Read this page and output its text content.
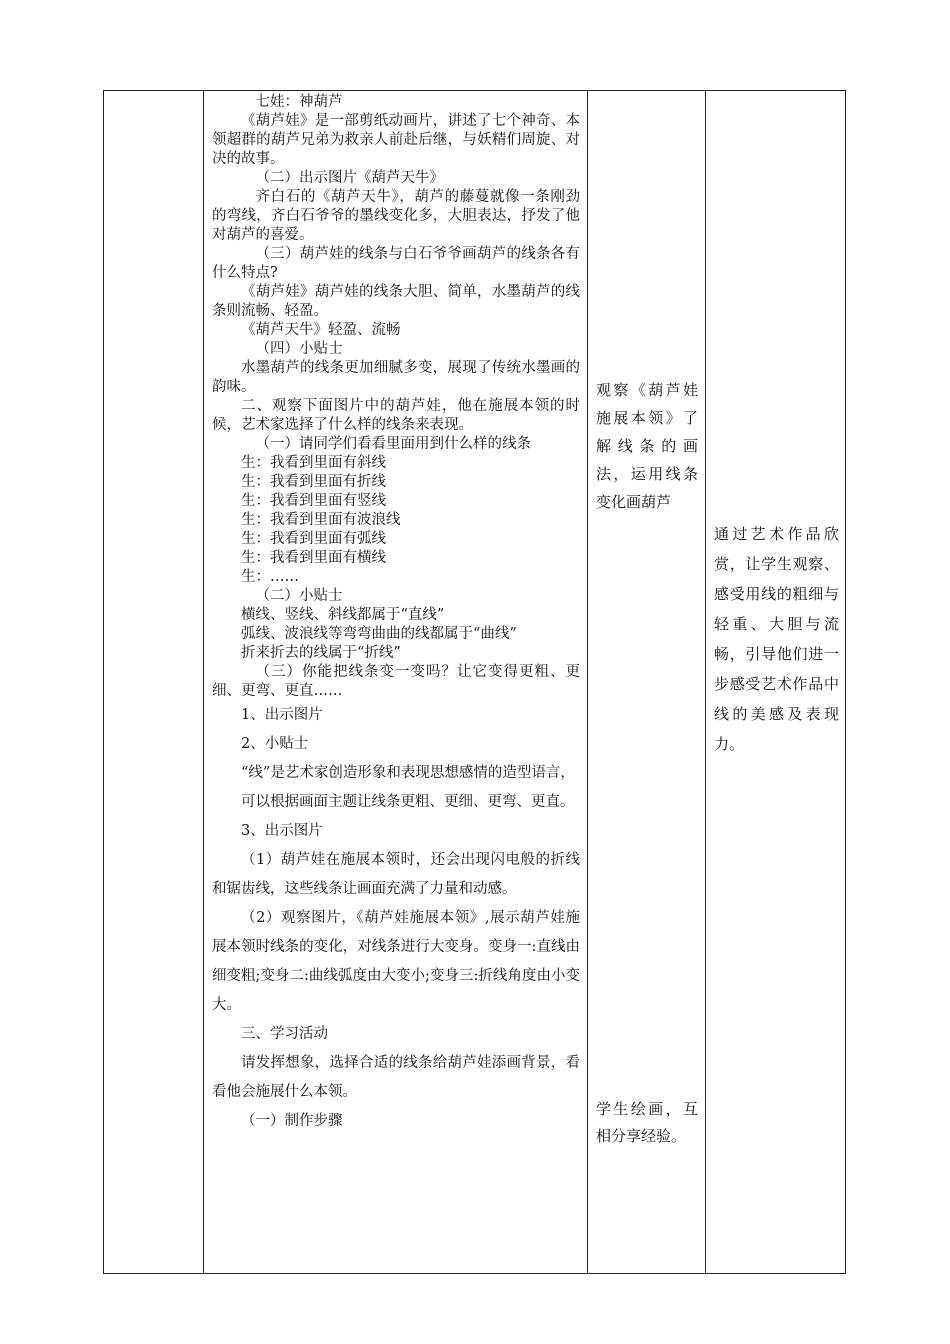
七娃：神葫芦

《葫芦娃》是一部剪纸动画片，讲述了七个神奇、本领超群的葫芦兄弟为救亲人前赴后继，与妖精们周旋、对决的故事。

（二）出示图片《葫芦天牛》

齐白石的《葫芦天牛》，葫芦的藤蔓就像一条刚劲的弯线，齐白石爷爷的墨线变化多，大胆表达，抒发了他对葫芦的喜爱。

（三）葫芦娃的线条与白石爷爷画葫芦的线条各有什么特点?

《葫芦娃》葫芦娃的线条大胆、简单，水墨葫芦的线条则流畅、轻盈。

《葫芦天牛》轻盈、流畅

（四）小贴士

水墨葫芦的线条更加细腻多变，展现了传统水墨画的韵味。

二、观察下面图片中的葫芦娃，他在施展本领的时候，艺术家选择了什么样的线条来表现。

（一）请同学们看看里面用到什么样的线条

生：我看到里面有斜线

生：我看到里面有折线

生：我看到里面有竖线

生：我看到里面有波浪线

生：我看到里面有弧线

生：我看到里面有横线

生：……

（二）小贴士

横线、竖线、斜线都属于“直线”

弧线、波浪线等弯弯曲曲的线都属于“曲线”

折来折去的线属于“折线”

（三）你能把线条变一变吗？让它变得更粗、更细、更弯、更直……

1、出示图片

2、小贴士

“线”是艺术家创造形象和表现思想感情的造型语言，

可以根据画面主题让线条更粗、更细、更弯、更直。

3、出示图片

（1）葫芦娃在施展本领时，还会出现闪电般的折线和锯齿线，这些线条让画面充满了力量和动感。

（2）观察图片，《葫芦娃施展本领》,展示葫芦娃施展本领时线条的变化，对线条进行大变身。变身一:直线由细变粗;变身二:曲线弧度由大变小;变身三:折线角度由小变大。

三、学习活动

请发挥想象，选择合适的线条给葫芦娃添画背景，看看他会施展什么本领。

（一）制作步骤

观察《葫芦娃施展本领》了解线条的画法，运用线条变化画葫芦

学生绘画，互相分享经验。

通过艺术作品欣赏，让学生观察、感受用线的粗细与轻重、大胆与流畅，引导他们进一步感受艺术作品中线的美感及表现力。
